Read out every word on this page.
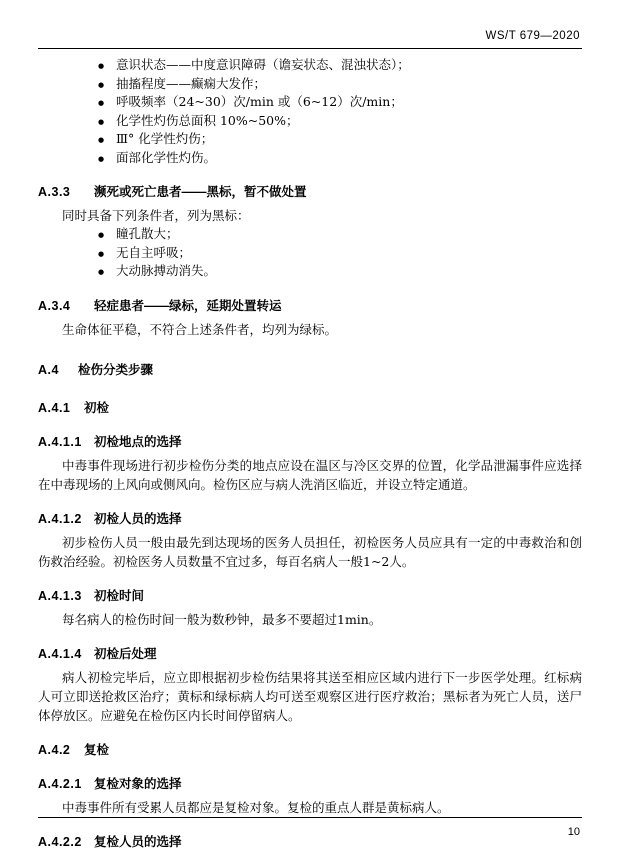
WS/T 679—2020
● 意识状态——中度意识障碍（谵妄状态、混浊状态）；
● 抽搐程度——癫痫大发作；
● 呼吸频率（24~30）次/min 或（6~12）次/min；
● 化学性灼伤总面积 10%~50%；
● Ⅲ° 化学性灼伤；
● 面部化学性灼伤。
A.3.3 濒死或死亡患者——黑标，暂不做处置

同时具备下列条件者，列为黑标：

● 瞳孔散大；
● 无自主呼吸；
● 大动脉搏动消失。
A.3.4 轻症患者——绿标，延期处置转运

生命体征平稳，不符合上述条件者，均列为绿标。

A.4 检伤分类步骤
A.4.1 初检
A.4.1.1 初检地点的选择

中毒事件现场进行初步检伤分类的地点应设在温区与冷区交界的位置，化学品泄漏事件应选择在中毒现场的上风向或侧风向。检伤区应与病人洗消区临近，并设立特定通道。

A.4.1.2 初检人员的选择

初步检伤人员一般由最先到达现场的医务人员担任，初检医务人员应具有一定的中毒救治和创伤救治经验。初检医务人员数量不宜过多，每百名病人一般1~2人。

A.4.1.3 初检时间

每名病人的检伤时间一般为数秒钟，最多不要超过1min。

A.4.1.4 初检后处理

病人初检完毕后，应立即根据初步检伤结果将其送至相应区域内进行下一步医学处理。红标病人可立即送抢救区治疗；黄标和绿标病人均可送至观察区进行医疗救治；黑标者为死亡人员，送尸体停放区。应避免在检伤区内长时间停留病人。

A.4.2 复检
A.4.2.1 复检对象的选择

中毒事件所有受累人员都应是复检对象。复检的重点人群是黄标病人。

A.4.2.2 复检人员的选择
10
